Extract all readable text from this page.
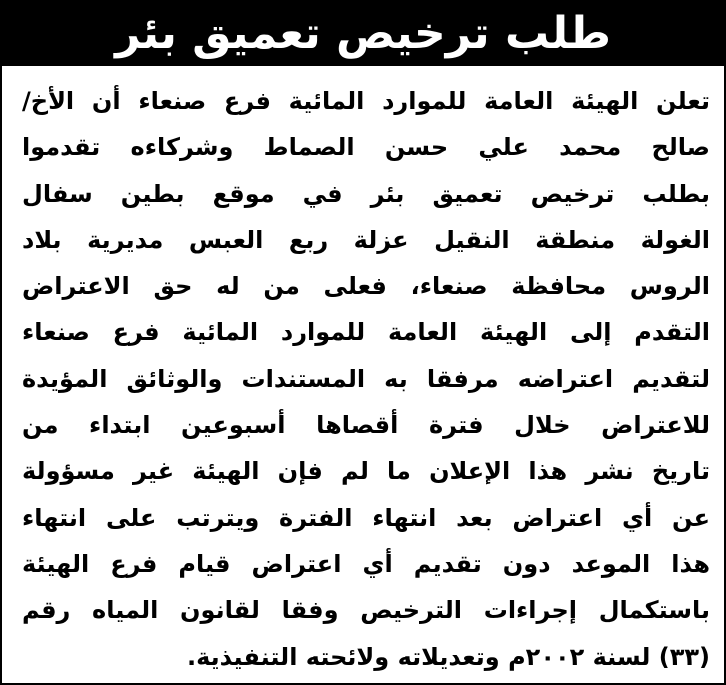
طلب ترخيص تعميق بئر
تعلن الهيئة العامة للموارد المائية فرع صنعاء أن الأخ/
صالح محمد علي حسن الصماط وشركاءه تقدموا
بطلب ترخيص تعميق بئر في موقع بطين سفال
الغولة منطقة النقيل عزلة ربع العبس مديرية بلاد
الروس محافظة صنعاء، فعلى من له حق الاعتراض
التقدم إلى الهيئة العامة للموارد المائية فرع صنعاء
لتقديم اعتراضه مرفقا به المستندات والوثائق المؤيدة
للاعتراض خلال فترة أقصاها أسبوعين ابتداء من
تاريخ نشر هذا الإعلان ما لم فإن الهيئة غير مسؤولة
عن أي اعتراض بعد انتهاء الفترة ويترتب على انتهاء
هذا الموعد دون تقديم أي اعتراض قيام فرع الهيئة
باستكمال إجراءات الترخيص وفقا لقانون المياه رقم
(٣٣) لسنة ٢٠٠٢م وتعديلاته ولائحته التنفيذية.
